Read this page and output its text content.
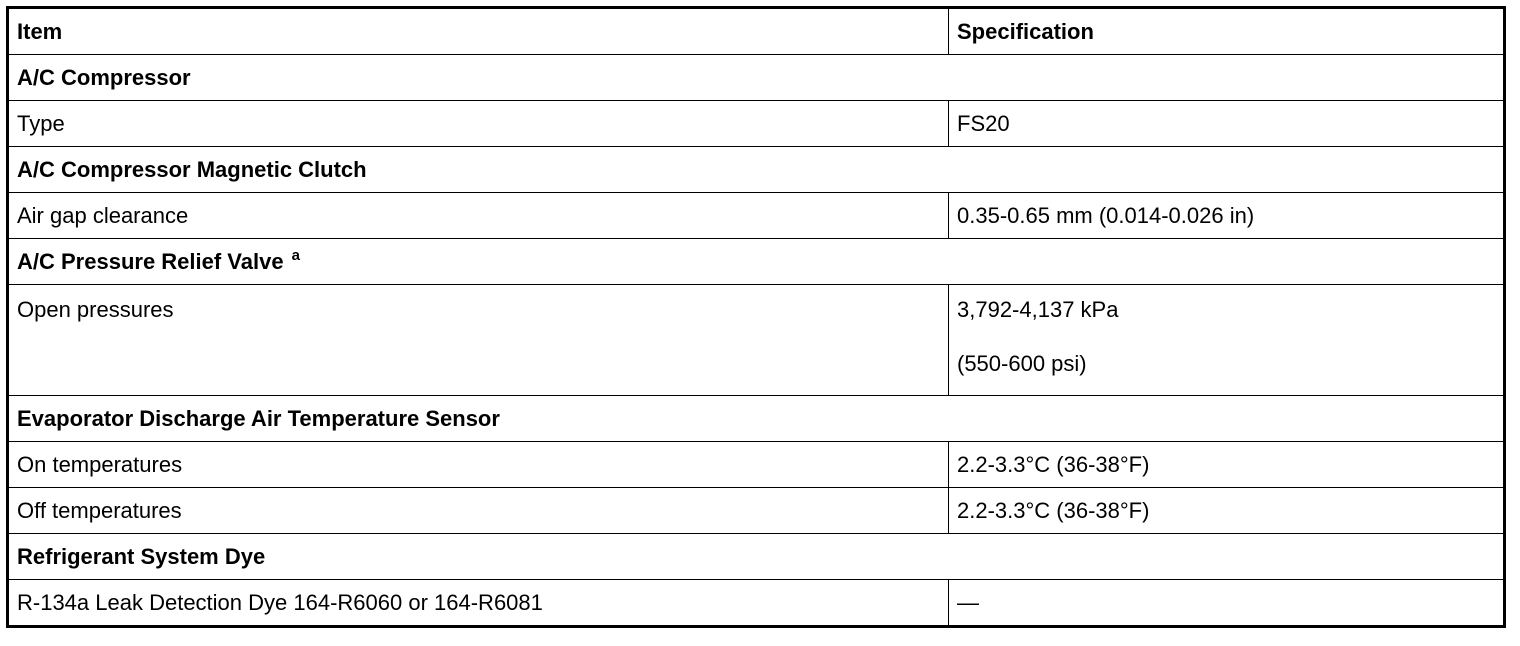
Item	Specification
A/C Compressor	
Type	FS20
A/C Compressor Magnetic Clutch	
Air gap clearance	0.35-0.65 mm (0.014-0.026 in)
A/C Pressure Relief Valve $^a$

Open pressures	3,792-4,137 kPa
(550-600 psi)

Evaporator Discharge Air Temperature Sensor	
On temperatures	2.2-3.3°C (36-38°F)
Off temperatures	2.2-3.3°C (36-38°F)
Refrigerant System Dye	
R-134a Leak Detection Dye 164-R6060 or 164-R6081	—
